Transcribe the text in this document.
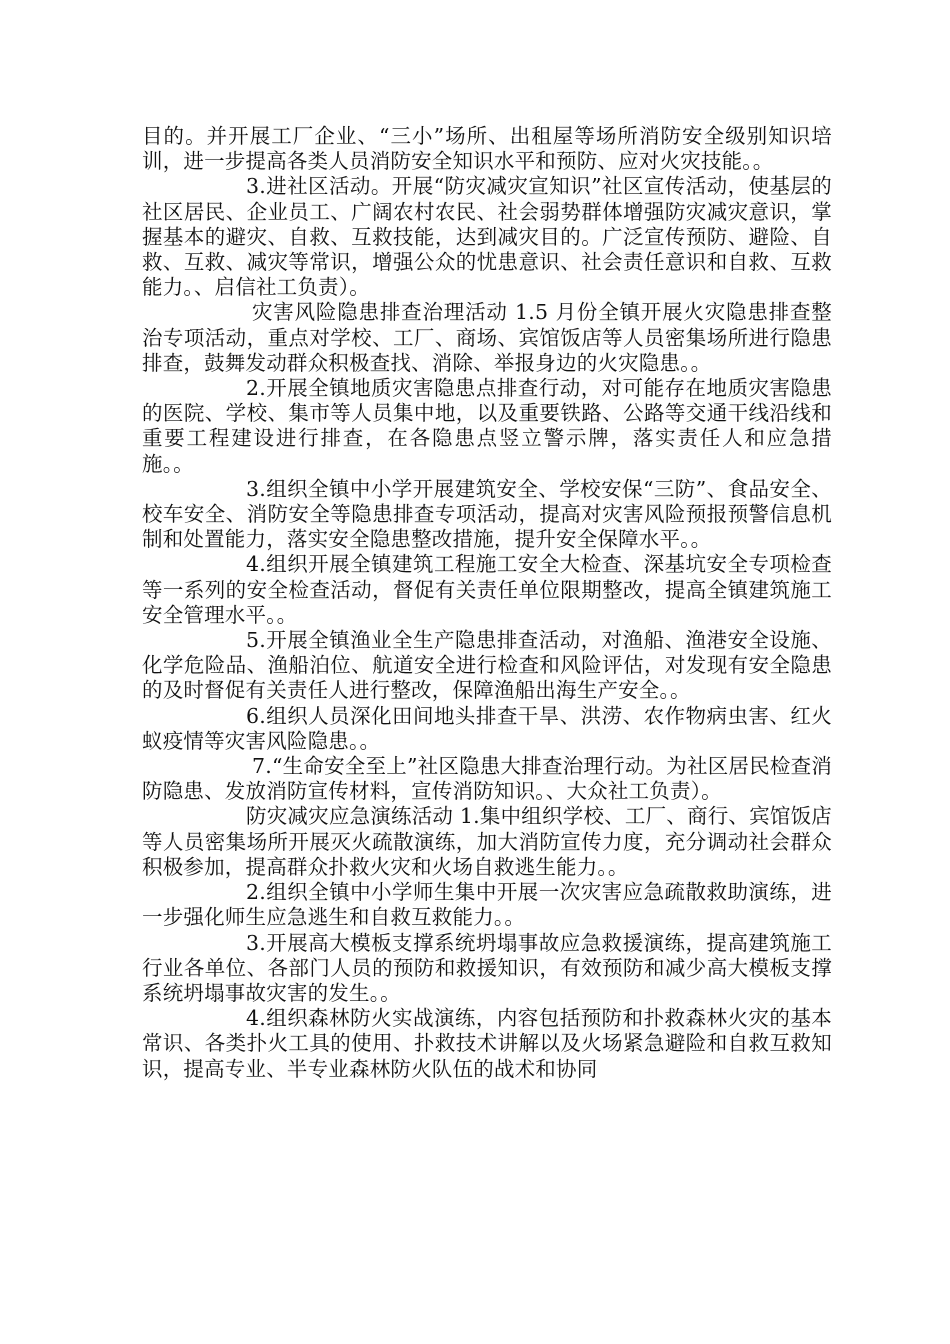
目的。并开展工厂企业、“三小”场所、出租屋等场所消防安全级别知识培训，进一步提高各类人员消防安全知识水平和预防、应对火灾技能。。

3.进社区活动。开展“防灾减灾宣知识”社区宣传活动，使基层的社区居民、企业员工、广阔农村农民、社会弱势群体增强防灾减灾意识，掌握基本的避灾、自救、互救技能，达到减灾目的。广泛宣传预防、避险、自救、互救、减灾等常识，增强公众的忧患意识、社会责任意识和自救、互救能力。、启信社工负责）。

灾害风险隐患排查治理活动 1.5 月份全镇开展火灾隐患排查整治专项活动，重点对学校、工厂、商场、宾馆饭店等人员密集场所进行隐患排查，鼓舞发动群众积极查找、消除、举报身边的火灾隐患。。

2.开展全镇地质灾害隐患点排查行动，对可能存在地质灾害隐患的医院、学校、集市等人员集中地，以及重要铁路、公路等交通干线沿线和重要工程建设进行排查，在各隐患点竖立警示牌，落实责任人和应急措施。。

3.组织全镇中小学开展建筑安全、学校安保“三防”、食品安全、校车安全、消防安全等隐患排查专项活动，提高对灾害风险预报预警信息机制和处置能力，落实安全隐患整改措施，提升安全保障水平。。

4.组织开展全镇建筑工程施工安全大检查、深基坑安全专项检查等一系列的安全检查活动，督促有关责任单位限期整改，提高全镇建筑施工安全管理水平。。

5.开展全镇渔业全生产隐患排查活动，对渔船、渔港安全设施、化学危险品、渔船泊位、航道安全进行检查和风险评估，对发现有安全隐患的及时督促有关责任人进行整改，保障渔船出海生产安全。。

6.组织人员深化田间地头排查干旱、洪涝、农作物病虫害、红火蚁疫情等灾害风险隐患。。

7.“生命安全至上”社区隐患大排查治理行动。为社区居民检查消防隐患、发放消防宣传材料，宣传消防知识。、大众社工负责）。

防灾减灾应急演练活动 1.集中组织学校、工厂、商行、宾馆饭店等人员密集场所开展灭火疏散演练，加大消防宣传力度，充分调动社会群众积极参加，提高群众扑救火灾和火场自救逃生能力。。

2.组织全镇中小学师生集中开展一次灾害应急疏散救助演练，进一步强化师生应急逃生和自救互救能力。。

3.开展高大模板支撑系统坍塌事故应急救援演练，提高建筑施工行业各单位、各部门人员的预防和救援知识，有效预防和减少高大模板支撑系统坍塌事故灾害的发生。。

4.组织森林防火实战演练，内容包括预防和扑救森林火灾的基本常识、各类扑火工具的使用、扑救技术讲解以及火场紧急避险和自救互救知识，提高专业、半专业森林防火队伍的战术和协同
